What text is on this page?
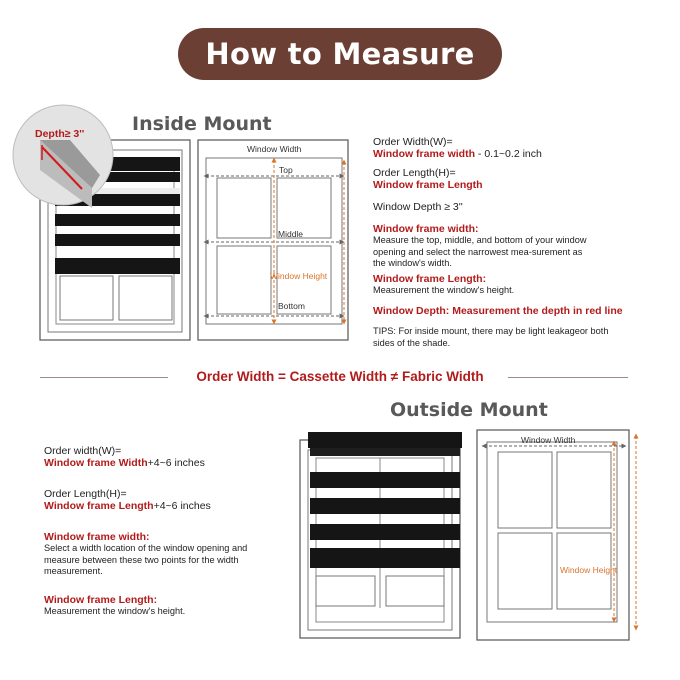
How to Measure
Inside Mount
Outside Mount
Depth≥ 3''
Window Width
Top
Middle
Bottom
Window Height
Window Width
Window Height
Order Width(W)=
Window frame width - 0.1~0.2 inch
Order Length(H)=
Window frame Length
Window Depth ≥ 3''
Window frame width:
Measure the top, middle, and bottom of your window opening and select the narrowest mea-surement as the window's width.
Window frame Length:
Measurement the window's height.
Window Depth: Measurement the depth in red line
TIPS: For inside mount, there may be light leakageor both sides of the shade.
Order Width = Cassette Width ≠ Fabric Width
Order width(W)=
Window frame Width+4~6 inches
Order Length(H)=
Window frame Length+4~6 inches
Window frame width:
Select a width location of the window opening and measure between these two points for the width measurement.
Window frame Length:
Measurement the window's height.
